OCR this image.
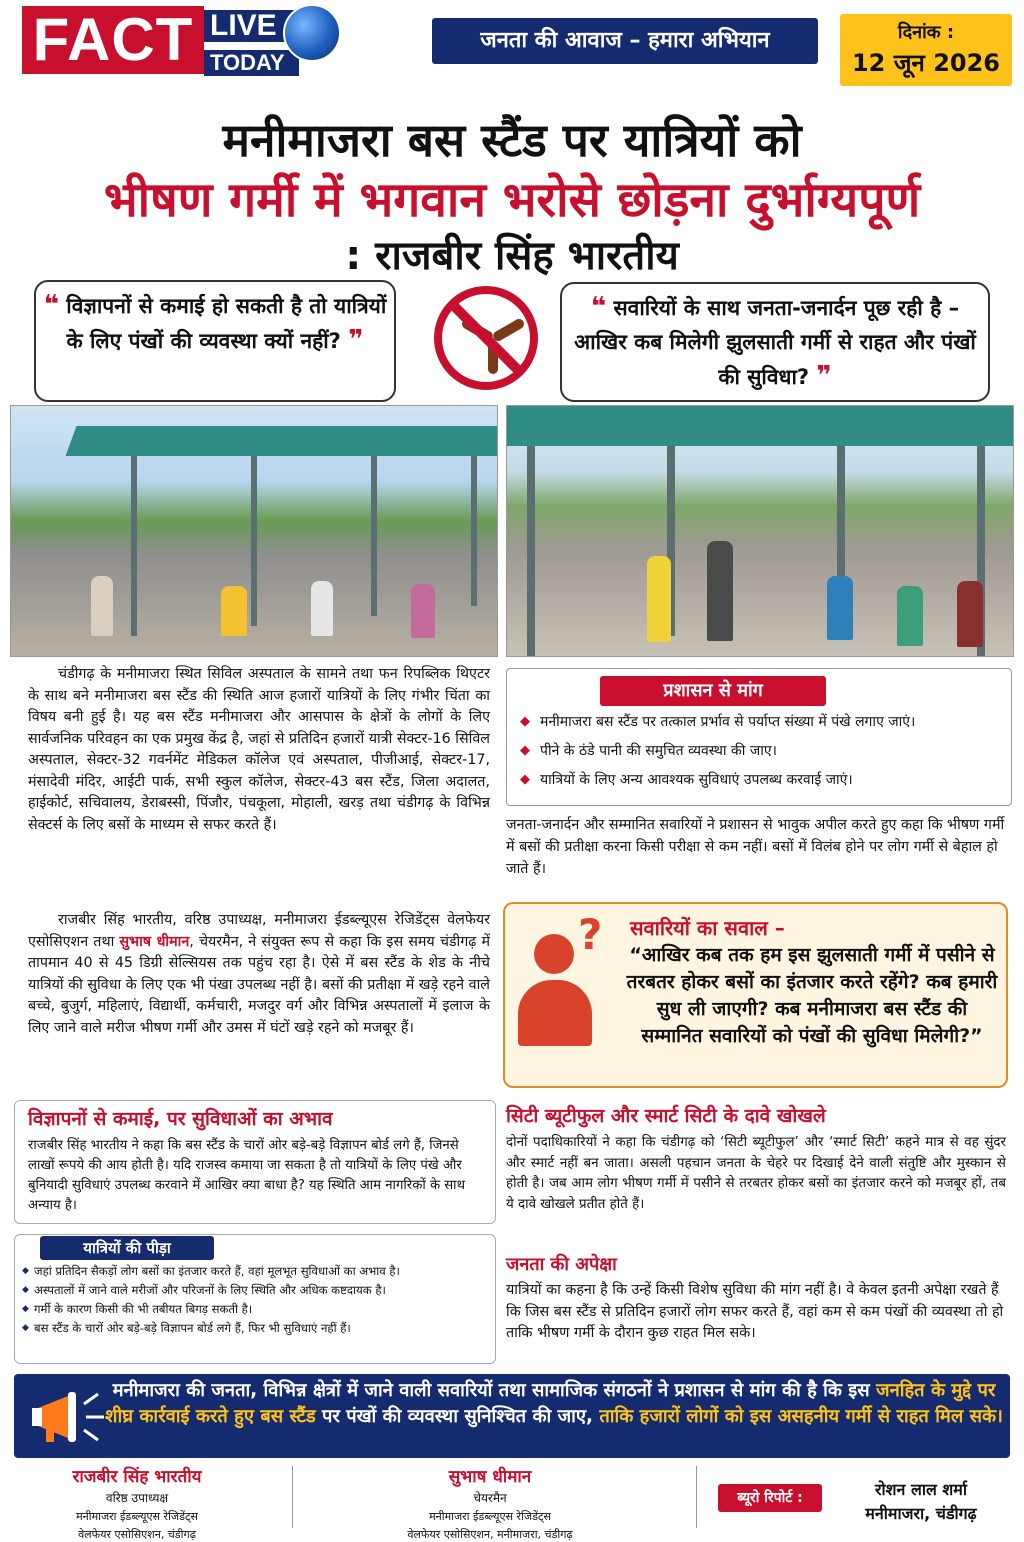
FACT LIVE
TODAY
जनता की आवाज – हमारा अभियान	दिनांक :
12 जून 2026
मनीमाजरा बस स्टैंड पर यात्रियों को
भीषण गर्मी में भगवान भरोसे छोड़ना दुर्भाग्यपूर्ण
: राजबीर सिंह भारतीय
❝ विज्ञापनों से कमाई हो सकती है तो यात्रियों के लिए पंखों की व्यवस्था क्यों नहीं? ❞
❝ सवारियों के साथ जनता-जनार्दन पूछ रही है – आखिर कब मिलेगी झुलसाती गर्मी से राहत और पंखों की सुविधा? ❞
चंडीगढ़ के मनीमाजरा स्थित सिविल अस्पताल के सामने तथा फन रिपब्लिक थिएटर के साथ बने मनीमाजरा बस स्टैंड की स्थिति आज हजारों यात्रियों के लिए गंभीर चिंता का विषय बनी हुई है। यह बस स्टैंड मनीमाजरा और आसपास के क्षेत्रों के लोगों के लिए सार्वजनिक परिवहन का एक प्रमुख केंद्र है, जहां से प्रतिदिन हजारों यात्री सेक्टर-16 सिविल अस्पताल, सेक्टर-32 गवर्नमेंट मेडिकल कॉलेज एवं अस्पताल, पीजीआई, सेक्टर-17, मंसादेवी मंदिर, आईटी पार्क, सभी स्कुल कॉलेज, सेक्टर-43 बस स्टैंड, जिला अदालत, हाईकोर्ट, सचिवालय, डेराबस्सी, पिंजौर, पंचकूला, मोहाली, खरड़ तथा चंडीगढ़ के विभिन्न सेक्टर्स के लिए बसों के माध्यम से सफर करते हैं।
राजबीर सिंह भारतीय, वरिष्ठ उपाध्यक्ष, मनीमाजरा ईडब्ल्यूएस रेजिडेंट्स वेलफेयर एसोसिएशन तथा सुभाष धीमान, चेयरमैन, ने संयुक्त रूप से कहा कि इस समय चंडीगढ़ में तापमान 40 से 45 डिग्री सेल्सियस तक पहुंच रहा है। ऐसे में बस स्टैंड के शेड के नीचे यात्रियों की सुविधा के लिए एक भी पंखा उपलब्ध नहीं है। बसों की प्रतीक्षा में खड़े रहने वाले बच्चे, बुजुर्ग, महिलाएं, विद्यार्थी, कर्मचारी, मजदुर वर्ग और विभिन्न अस्पतालों में इलाज के लिए जाने वाले मरीज भीषण गर्मी और उमस में घंटों खड़े रहने को मजबूर हैं।
प्रशासन से मांग
◆ मनीमाजरा बस स्टैंड पर तत्काल प्रर्भाव से पर्याप्त संख्या में पंखे लगाए जाएं।
◆ पीने के ठंडे पानी की समुचित व्यवस्था की जाए।
◆ यात्रियों के लिए अन्य आवश्यक सुविधाएं उपलब्ध करवाई जाएं।
जनता-जनार्दन और सम्मानित सवारियों ने प्रशासन से भावुक अपील करते हुए कहा कि भीषण गर्मी में बसों की प्रतीक्षा करना किसी परीक्षा से कम नहीं। बसों में विलंब होने पर लोग गर्मी से बेहाल हो जाते हैं।
? सवारियों का सवाल –
“आखिर कब तक हम इस झुलसाती गर्मी में पसीने से तरबतर होकर बसों का इंतजार करते रहेंगे? कब हमारी सुध ली जाएगी? कब मनीमाजरा बस स्टैंड की सम्मानित सवारियों को पंखों की सुविधा मिलेगी?”
विज्ञापनों से कमाई, पर सुविधाओं का अभाव
राजबीर सिंह भारतीय ने कहा कि बस स्टैंड के चारों ओर बड़े-बड़े विज्ञापन बोर्ड लगे हैं, जिनसे लाखों रूपये की आय होती है। यदि राजस्व कमाया जा सकता है तो यात्रियों के लिए पंखे और बुनियादी सुविधाएं उपलब्ध करवाने में आखिर क्या बाधा है? यह स्थिति आम नागरिकों के साथ अन्याय है।
यात्रियों की पीड़ा
◆ जहां प्रतिदिन सैकड़ों लोग बसों का इंतजार करते हैं, वहां मूलभूत सुविधाओं का अभाव है।
◆ अस्पतालों में जाने वाले मरीजों और परिजनों के लिए स्थिति और अधिक कष्टदायक है।
◆ गर्मी के कारण किसी की भी तबीयत बिगड़ सकती है।
◆ बस स्टैंड के चारों ओर बड़े-बड़े विज्ञापन बोर्ड लगे हैं, फिर भी सुविधाएं नहीं हैं।
सिटी ब्यूटीफुल और स्मार्ट सिटी के दावे खोखले
दोनों पदाधिकारियों ने कहा कि चंडीगढ़ को ‘सिटी ब्यूटीफुल’ और ‘स्मार्ट सिटी’ कहने मात्र से वह सुंदर और स्मार्ट नहीं बन जाता। असली पहचान जनता के चेहरे पर दिखाई देने वाली संतुष्टि और मुस्कान से होती है। जब आम लोग भीषण गर्मी में पसीने से तरबतर होकर बसों का इंतजार करने को मजबूर हों, तब ये दावे खोखले प्रतीत होते हैं।
जनता की अपेक्षा
यात्रियों का कहना है कि उन्हें किसी विशेष सुविधा की मांग नहीं है। वे केवल इतनी अपेक्षा रखते हैं कि जिस बस स्टैंड से प्रतिदिन हजारों लोग सफर करते हैं, वहां कम से कम पंखों की व्यवस्था तो हो ताकि भीषण गर्मी के दौरान कुछ राहत मिल सके।
मनीमाजरा की जनता, विभिन्न क्षेत्रों में जाने वाली सवारियों तथा सामाजिक संगठनों ने प्रशासन से मांग की है कि इस जनहित के मुद्दे पर शीघ्र कार्रवाई करते हुए बस स्टैंड पर पंखों की व्यवस्था सुनिश्चित की जाए, ताकि हजारों लोगों को इस असहनीय गर्मी से राहत मिल सके।
राजबीर सिंह भारतीय
वरिष्ठ उपाध्यक्ष
मनीमाजरा ईडब्ल्यूएस रेजिडेंट्स
वेलफेयर एसोसिएशन, चंडीगढ़
सुभाष धीमान
चेयरमैन
मनीमाजरा ईडब्ल्यूएस रेजिडेंट्स
वेलफेयर एसोसिएशन, मनीमाजरा, चंडीगढ़
ब्यूरो रिपोर्ट :	रोशन लाल शर्मा
मनीमाजरा, चंडीगढ़
